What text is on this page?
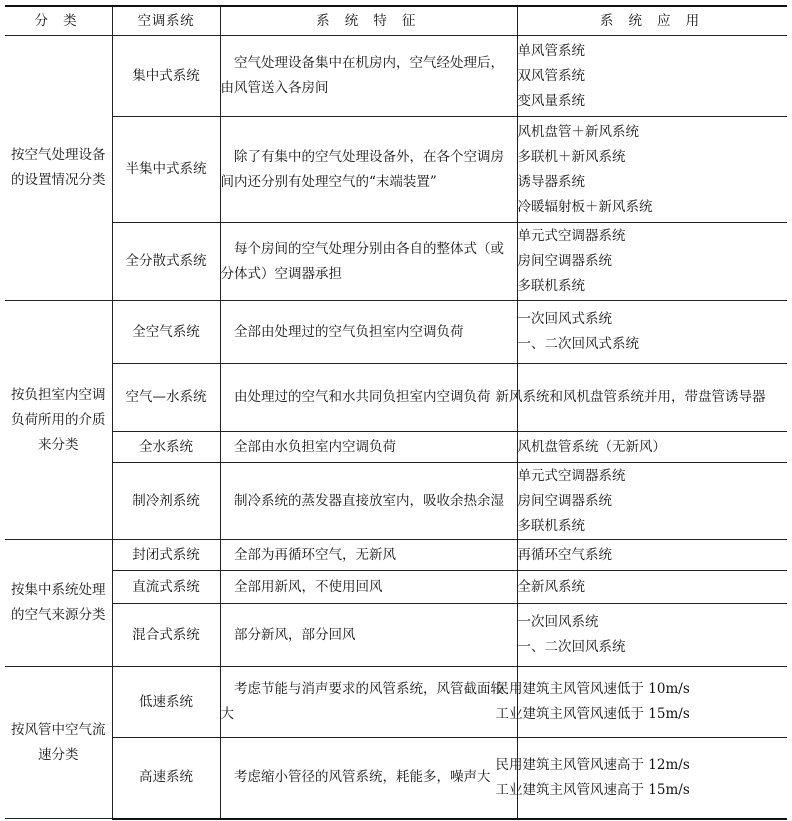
分 类	空调系统	系 统 特 征	系 统 应 用
按空气处理设备的设置情况分类	集中式系统	空气处理设备集中在机房内，空气经处理后，由风管送入各房间	单风管系统
双风管系统
变风量系统

	半集中式系统	除了有集中的空气处理设备外，在各个空调房间内还分别有处理空气的“末端装置”	风机盘管＋新风系统
多联机＋新风系统
诱导器系统
冷暖辐射板＋新风系统

	全分散式系统	每个房间的空气处理分别由各自的整体式（或分体式）空调器承担	单元式空调器系统
房间空调器系统
多联机系统

按负担室内空调负荷所用的介质来分类	全空气系统	全部由处理过的空气负担室内空调负荷	一次回风式系统
一、二次回风式系统

	空气—水系统	由处理过的空气和水共同负担室内空调负荷	新风系统和风机盘管系统并用，带盘管诱导器

	全水系统	全部由水负担室内空调负荷	风机盘管系统（无新风）

	制冷剂系统	制冷系统的蒸发器直接放室内，吸收余热余湿	单元式空调器系统
房间空调器系统
多联机系统

按集中系统处理的空气来源分类	封闭式系统	全部为再循环空气，无新风	再循环空气系统

	直流式系统	全部用新风，不使用回风	全新风系统

	混合式系统	部分新风，部分回风	一次回风系统
一、二次回风系统

按风管中空气流速分类	低速系统	考虑节能与消声要求的风管系统，风管截面较大	民用建筑主风管风速低于 10m/s
工业建筑主风管风速低于 15m/s

	高速系统	考虑缩小管径的风管系统，耗能多，噪声大	民用建筑主风管风速高于 12m/s
工业建筑主风管风速高于 15m/s
